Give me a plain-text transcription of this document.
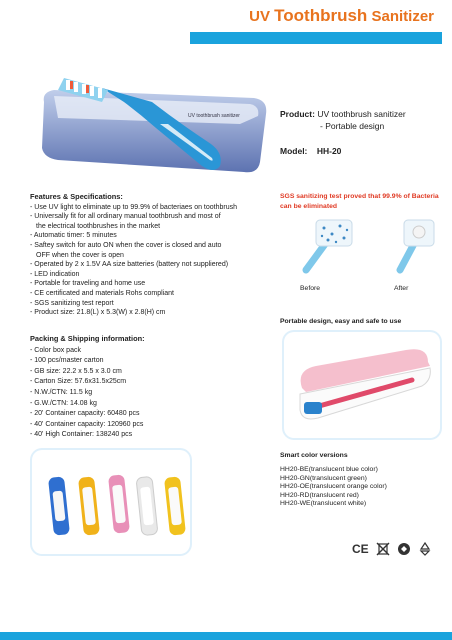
UV Toothbrush Sanitizer
UV toothbrush sanitizer	Product: UV toothbrush sanitizer
- Portable design
Model: HH-20
Features & Specifications:
- Use UV light to eliminate up to 99.9% of bacteriaes on toothbrush
- Universally fit for all ordinary manual toothbrush and most of
the electrical toothbrushes in the market
- Automatic timer: 5 minutes
- Saftey switch for auto ON when the cover is closed and auto
OFF when the cover is open
- Operated by 2 x 1.5V AA size batteries (battery not suppliered)
- LED indication
- Portable for traveling and home use
- CE certificated and materials Rohs compliant
- SGS sanitizing test report
- Product size: 21.8(L) x 5.3(W) x 2.8(H) cm
Packing & Shipping information:
- Color box pack
- 100 pcs/master carton
- GB size: 22.2 x 5.5 x 3.0 cm
- Carton Size: 57.6x31.5x25cm
- N.W./CTN: 11.5 kg
- G.W./CTN: 14.08 kg
- 20' Container capacity: 60480 pcs
- 40' Container capacity: 120960 pcs
- 40' High Container: 138240 pcs
SGS sanitizing test proved that 99.9% of Bacteria can be eliminated
Before	After
Portable design, easy and safe to use
Smart color versions
HH20-BE(translucent blue color)
HH20-GN(translucent green)
HH20-OE(translucent orange color)
HH20-RD(translucent red)
HH20-WE(translucent white)
CE
